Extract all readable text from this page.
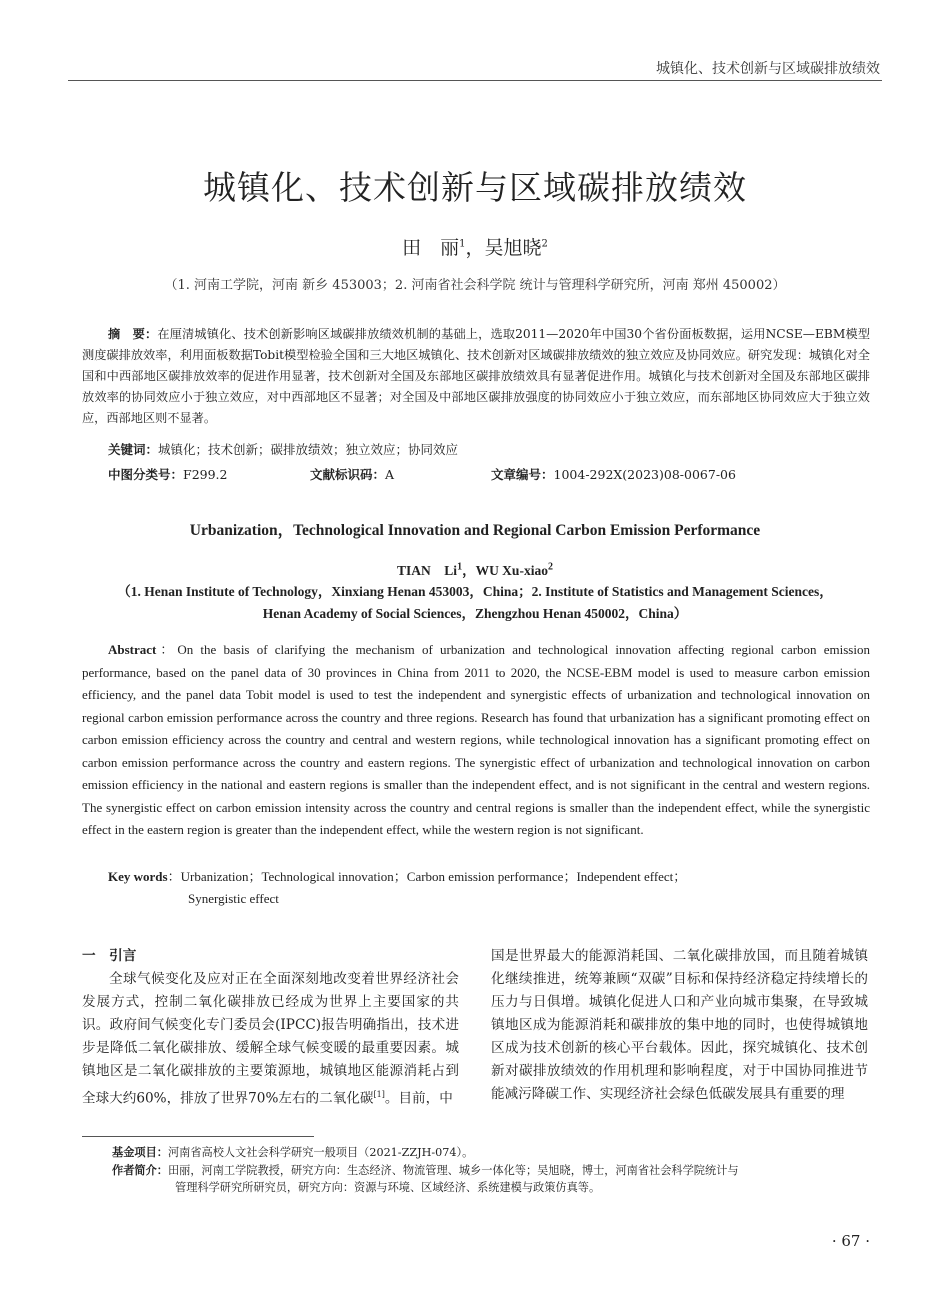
城镇化、技术创新与区域碳排放绩效
城镇化、技术创新与区域碳排放绩效
田　丽$^1$，吴旭晓$^2$
（1. 河南工学院，河南 新乡 453003；2. 河南省社会科学院 统计与管理科学研究所，河南 郑州 450002）
摘　要：在厘清城镇化、技术创新影响区域碳排放绩效机制的基础上，选取2011—2020年中国30个省份面板数据，运用NCSE—EBM模型测度碳排放效率，利用面板数据Tobit模型检验全国和三大地区城镇化、技术创新对区域碳排放绩效的独立效应及协同效应。研究发现：城镇化对全国和中西部地区碳排放效率的促进作用显著，技术创新对全国及东部地区碳排放绩效具有显著促进作用。城镇化与技术创新对全国及东部地区碳排放效率的协同效应小于独立效应，对中西部地区不显著；对全国及中部地区碳排放强度的协同效应小于独立效应，而东部地区协同效应大于独立效应，西部地区则不显著。
关键词：城镇化；技术创新；碳排放绩效；独立效应；协同效应
中图分类号：F299.2	文献标识码：A	文章编号：1004-292X(2023)08-0067-06
Urbanization，Technological Innovation and Regional Carbon Emission Performance
TIAN　Li$^1$，WU Xu-xiao$^2$
（1. Henan Institute of Technology，Xinxiang Henan 453003，China；2. Institute of Statistics and Management Sciences，
Henan Academy of Social Sciences，Zhengzhou Henan 450002，China）
Abstract：On the basis of clarifying the mechanism of urbanization and technological innovation affecting regional carbon emission performance, based on the panel data of 30 provinces in China from 2011 to 2020, the NCSE-EBM model is used to measure carbon emission efficiency, and the panel data Tobit model is used to test the independent and synergistic effects of urbanization and technological innovation on regional carbon emission performance across the country and three regions. Research has found that urbanization has a significant promoting effect on carbon emission efficiency across the country and central and western regions, while technological innovation has a significant promoting effect on carbon emission performance across the country and eastern regions. The synergistic effect of urbanization and technological innovation on carbon emission efficiency in the national and eastern regions is smaller than the independent effect, and is not significant in the central and western regions. The synergistic effect on carbon emission intensity across the country and central regions is smaller than the independent effect, while the synergistic effect in the eastern region is greater than the independent effect, while the western region is not significant.
Key words：Urbanization；Technological innovation；Carbon emission performance；Independent effect；
Synergistic effect
一　引言

全球气候变化及应对正在全面深刻地改变着世界经济社会发展方式，控制二氧化碳排放已经成为世界上主要国家的共识。政府间气候变化专门委员会(IPCC)报告明确指出，技术进步是降低二氧化碳排放、缓解全球气候变暖的最重要因素。城镇地区是二氧化碳排放的主要策源地，城镇地区能源消耗占到全球大约60%，排放了世界70%左右的二氧化碳[1]。目前，中

国是世界最大的能源消耗国、二氧化碳排放国，而且随着城镇化继续推进，统筹兼顾“双碳”目标和保持经济稳定持续增长的压力与日俱增。城镇化促进人口和产业向城市集聚，在导致城镇地区成为能源消耗和碳排放的集中地的同时，也使得城镇地区成为技术创新的核心平台载体。因此，探究城镇化、技术创新对碳排放绩效的作用机理和影响程度，对于中国协同推进节能减污降碳工作、实现经济社会绿色低碳发展具有重要的理

基金项目：河南省高校人文社会科学研究一般项目（2021-ZZJH-074）。
作者简介：田丽，河南工学院教授，研究方向：生态经济、物流管理、城乡一体化等；吴旭晓，博士，河南省社会科学院统计与
管理科学研究所研究员，研究方向：资源与环境、区域经济、系统建模与政策仿真等。
· 67 ·
